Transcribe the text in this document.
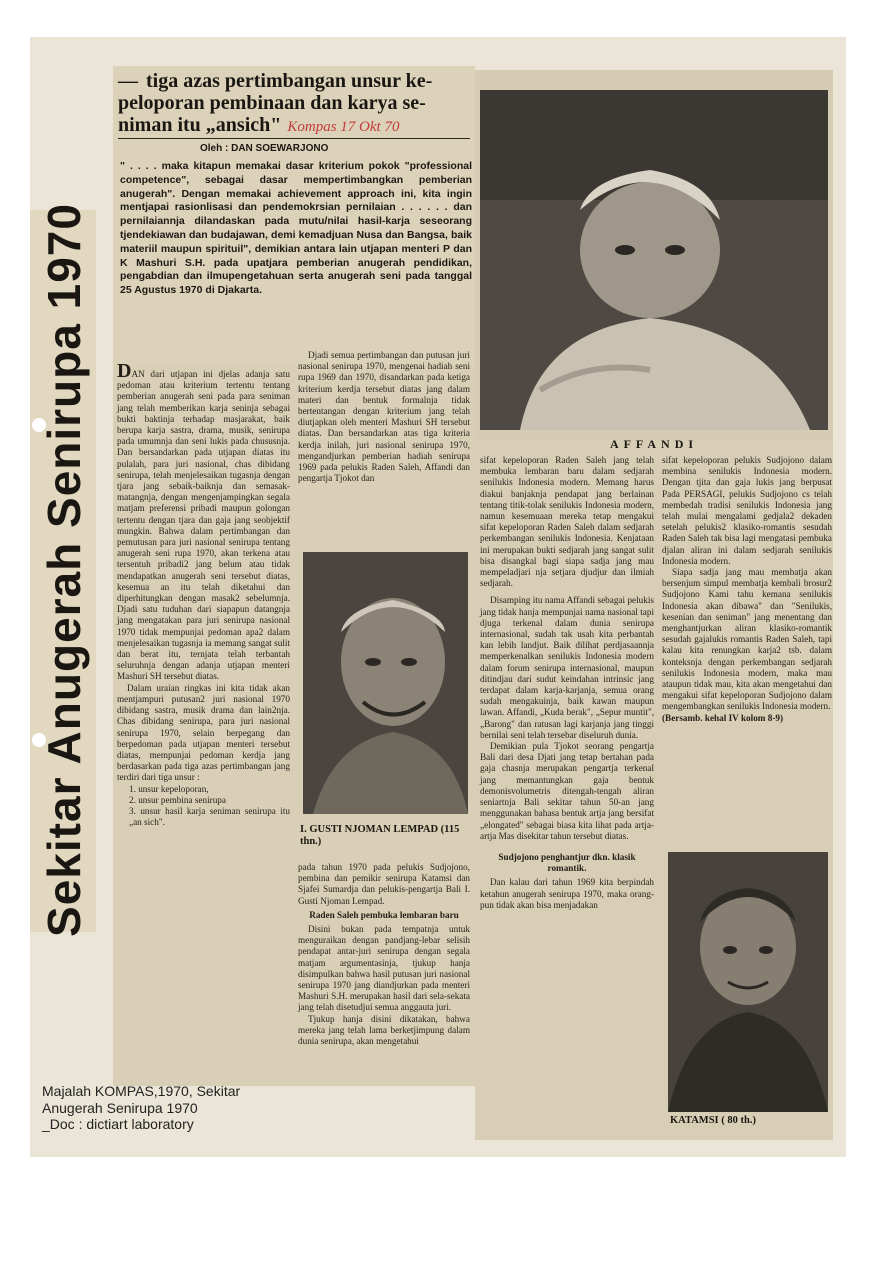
Sekitar Anugerah Senirupa 1970
— tiga azas pertimbangan unsur ke-
peloporan pembinaan dan karya se-
niman itu „ansich" Kompas 17 Okt 70
Oleh : DAN SOEWARJONO
" . . . . maka kitapun memakai dasar kriterium pokok "professional competence", sebagai dasar mempertimbangkan pemberian anugerah". Dengan memakai achievement approach ini, kita ingin mentjapai rasionlisasi dan pendemokrsian pernilaian . . . . . . dan pernilaiannja dilandaskan pada mutu/nilai hasil-karja seseorang tjendekiawan dan budajawan, demi kemadjuan Nusa dan Bangsa, baik materiil maupun spirituil", demikian antara lain utjapan menteri P dan K Mashuri S.H. pada upatjara pemberian anugerah pendidikan, pengabdian dan ilmupengetahuan serta anugerah seni pada tanggal 25 Agustus 1970 di Djakarta.

DAN dari utjapan ini djelas adanja satu pedoman atau kriterium tertentu tentang pemberian anugerah seni pada para seniman jang telah memberikan karja seninja sebagai bukti baktinja terhadap masjarakat, baik berupa karja sastra, drama, musik, senirupa pada umumnja dan seni lukis pada chususnja. Dan bersandarkan pada utjapan diatas itu pulalah, para juri nasional, chas dibidang senirupa, telah menjelesaikan tugasnja dengan tjara jang sebaik-baiknja dan semasak-matangnja, dengan mengenjampingkan segala matjam preferensi pribadi maupun golongan tertentu dengan tjara dan gaja jang seobjektif mungkin. Bahwa dalam pertimbangan dan pemutusan para juri nasional senirupa tentang anugerah seni rupa 1970, akan terkena atau tersentuh pribadi2 jang belum atau tidak mendapatkan anugerah seni tersebut diatas, kesemua an itu telah diketahui dan diperhitungkan dengan masak2 sebelumnja. Djadi satu tuduhan dari siapapun datangnja jang mengatakan para juri senirupa nasional 1970 tidak mempunjai pedoman apa2 dalam menjelesaikan tugasnja ia memang sangat sulit dan berat itu, ternjata telah terbantah seluruhnja dengan adanja utjapan menteri Mashuri SH tersebut diatas.

Dalam uraian ringkas ini kita tidak akan mentjampuri putusan2 juri nasional 1970 dibidang sastra, musik drama dan lain2nja. Chas dibidang senirupa, para juri nasional senirupa 1970, selain berpegang dan berpedoman pada utjapan menteri tersebut diatas, mempunjai pedoman kerdja jang berdasarkan pada tiga azas pertimbangan jang terdiri dari tiga unsur :

1. unsur kepeloporan,
2. unsur pembina senirupa
3. unsur hasil karja seniman senirupa itu „an sich".

Djadi semua pertimbangan dan putusan juri nasional senirupa 1970, mengenai hadiah seni rupa 1969 dan 1970, disandarkan pada ketiga kriterium kerdja tersebut diatas jang dalam materi dan bentuk formalnja tidak bertentangan dengan kriterium jang telah diutjapkan oleh menteri Mashuri SH tersebut diatas. Dan bersandarkan atas tiga kriteria kerdja inilah, juri nasional senirupa 1970, mengandjurkan pemberian hadiah senirupa 1969 pada pelukis Raden Saleh, Affandi dan pengartja Tjokot dan

I. GUSTI NJOMAN LEMPAD (115 thn.)

pada tahun 1970 pada pelukis Sudjojono, pembina dan pemikir senirupa Katamsi dan Sjafei Sumardja dan pelukis-pengartja Bali I. Gusti Njoman Lempad.

Raden Saleh pembuka lembaran baru

Disini bukan pada tempatnja untuk menguraikan dengan pandjang-lebar selisih pendapat antar-juri senirupa dengan segala matjam argumentasinja, tjukup hanja disimpulkan bahwa hasil putusan juri nasional senirupa 1970 jang diandjurkan pada menteri Mashuri S.H. merupakan hasil dari sela-sekata jang telah disetudjui semua anggauta juri.

Tjukup hanja disini dikatakan, bahwa mereka jang telah lama berketjimpung dalam dunia senirupa, akan mengetahui

AFFANDI

sifat kepeloporan Raden Saleh jang telah membuka lembaran baru dalam sedjarah senilukis Indonesia modern. Memang harus diakui banjaknja pendapat jang berlainan tentang titik-tolak senilukis Indonesia modern, namun kesemuaan mereka tetap mengakui sifat kepeloporan Raden Saleh dalam sedjarah perkembangan senilukis Indonesia. Kenjataan ini merupakan bukti sedjarah jang sangat sulit bisa disangkal bagi siapa sadja jang mau mempeladjari nja setjara djudjur dan ilmiah sedjarah.

Disamping itu nama Affandi sebagai pelukis jang tidak hanja mempunjai nama nasional tapi djuga terkenal dalam dunia senirupa internasional, sudah tak usah kita perbantah kan lebih landjut. Baik dilihat perdjasaannja memperkenalkan senilukis Indonesia modern dalam forum senirupa internasional, maupun ditindjau dari sudut keindahan intrinsic jang terdapat dalam karja-karjanja, semua orang sudah mengakuinja, baik kawan maupun lawan. Affandi, „Kuda berak", „Sepur muntit", „Barong" dan ratusan lagi karjanja jang tinggi bernilai seni telah tersebar diseluruh dunia.

Demikian pula Tjokot seorang pengartja Bali dari desa Djati jang tetap bertahan pada gaja chasnja merupakan pengartja terkenal jang memantungkan gaja bentuk demonisvolumetris ditengah-tengah aliran seniartnja Bali sekitar tahun 50-an jang menggunakan bahasa bentuk artja jang bersifat „elongated" sebagai biasa kita lihat pada artja-artja Mas disekitar tahun tersebut diatas.

Sudjojono penghantjur dkn. klasik romantik.

Dan kalau dari tahun 1969 kita berpindah ketahun anugerah senirupa 1970, maka orang-pun tidak akan bisa menjadakan

sifat kepeloporan pelukis Sudjojono dalam membina senilukis Indonesia modern. Dengan tjita dan gaja lukis jang berpusat Pada PERSAGI, pelukis Sudjojono cs telah membedah tradisi senilukis Indonesia jang telah mulai mengalami gedjala2 dekaden setelah pelukis2 klasiko-romantis sesudah Raden Saleh tak bisa lagi mengatasi pembuka djalan aliran ini dalam sedjarah senilukis Indonesia modern.

Siapa sadja jang mau membatja akan bersenjum simpul membatja kembali brosur2 Sudjojono Kami tahu kemana senilukis Indonesia akan dibawa" dan "Senilukis, kesenian dan seniman" jang menentang dan menghantjurkan aliran klasiko-romantik sesudah gajalukis romantis Raden Saleh, tapi kalau kita renungkan karja2 tsb. dalam konteksnja dengan perkembangan sedjarah senilukis Indonesia modern, maka mau ataupun tidak mau, kita akan mengetahui dan mengakui sifat kepeloporan Sudjojono dalam mengembangkan senilukis Indonesia modern.

(Bersamb. kehal IV kolom 8-9)
KATAMSI ( 80 th.)
Majalah KOMPAS,1970, Sekitar
Anugerah Senirupa 1970
_Doc : dictiart laboratory
